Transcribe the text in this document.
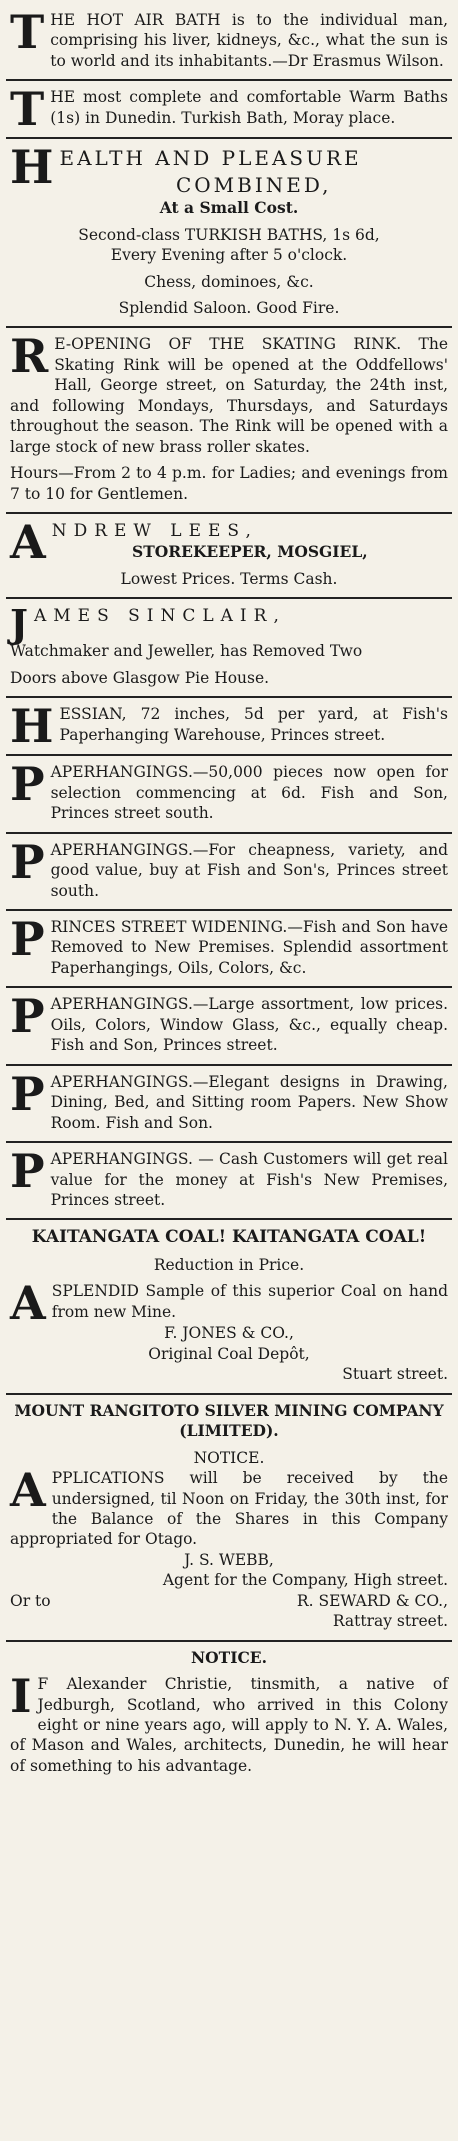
T HE HOT AIR BATH is to the individual man, comprising his liver, kidneys, &c., what the sun is to world and its inhabitants.—Dr Erasmus Wilson.
T HE most complete and comfortable Warm Baths (1s) in Dunedin. Turkish Bath, Moray place.
H EALTH AND PLEASURE
COMBINED,
At a Small Cost.
Second-class TURKISH BATHS, 1s 6d,
Every Evening after 5 o'clock.
Chess, dominoes, &c.
Splendid Saloon. Good Fire.
R E-OPENING OF THE SKATING RINK. The Skating Rink will be opened at the Oddfellows' Hall, George street, on Saturday, the 24th inst, and following Mondays, Thursdays, and Saturdays throughout the season. The Rink will be opened with a large stock of new brass roller skates.
Hours—From 2 to 4 p.m. for Ladies; and evenings from 7 to 10 for Gentlemen.
A NDREW LEES,
STOREKEEPER, MOSGIEL,
Lowest Prices. Terms Cash.
J AMES SINCLAIR,
Watchmaker and Jeweller, has Removed Two
Doors above Glasgow Pie House.
H ESSIAN, 72 inches, 5d per yard, at Fish's Paperhanging Warehouse, Princes street.
P APERHANGINGS.—50,000 pieces now open for selection commencing at 6d. Fish and Son, Princes street south.
P APERHANGINGS.—For cheapness, variety, and good value, buy at Fish and Son's, Princes street south.
P RINCES STREET WIDENING.—Fish and Son have Removed to New Premises. Splendid assortment Paperhangings, Oils, Colors, &c.
P APERHANGINGS.—Large assortment, low prices. Oils, Colors, Window Glass, &c., equally cheap. Fish and Son, Princes street.
P APERHANGINGS.—Elegant designs in Drawing, Dining, Bed, and Sitting room Papers. New Show Room. Fish and Son.
P APERHANGINGS. — Cash Customers will get real value for the money at Fish's New Premises, Princes street.
KAITANGATA COAL! KAITANGATA COAL!
Reduction in Price.
A SPLENDID Sample of this superior Coal on hand from new Mine.
F. JONES & CO.,
Original Coal Depôt,
Stuart street.
MOUNT RANGITOTO SILVER MINING COMPANY (LIMITED).
NOTICE.
A PPLICATIONS will be received by the undersigned, til Noon on Friday, the 30th inst, for the Balance of the Shares in this Company appropriated for Otago.
J. S. WEBB,
Agent for the Company, High street.
Or to	R. SEWARD & CO.,
Rattray street.
NOTICE.
I F Alexander Christie, tinsmith, a native of Jedburgh, Scotland, who arrived in this Colony eight or nine years ago, will apply to N. Y. A. Wales, of Mason and Wales, architects, Dunedin, he will hear of something to his advantage.
